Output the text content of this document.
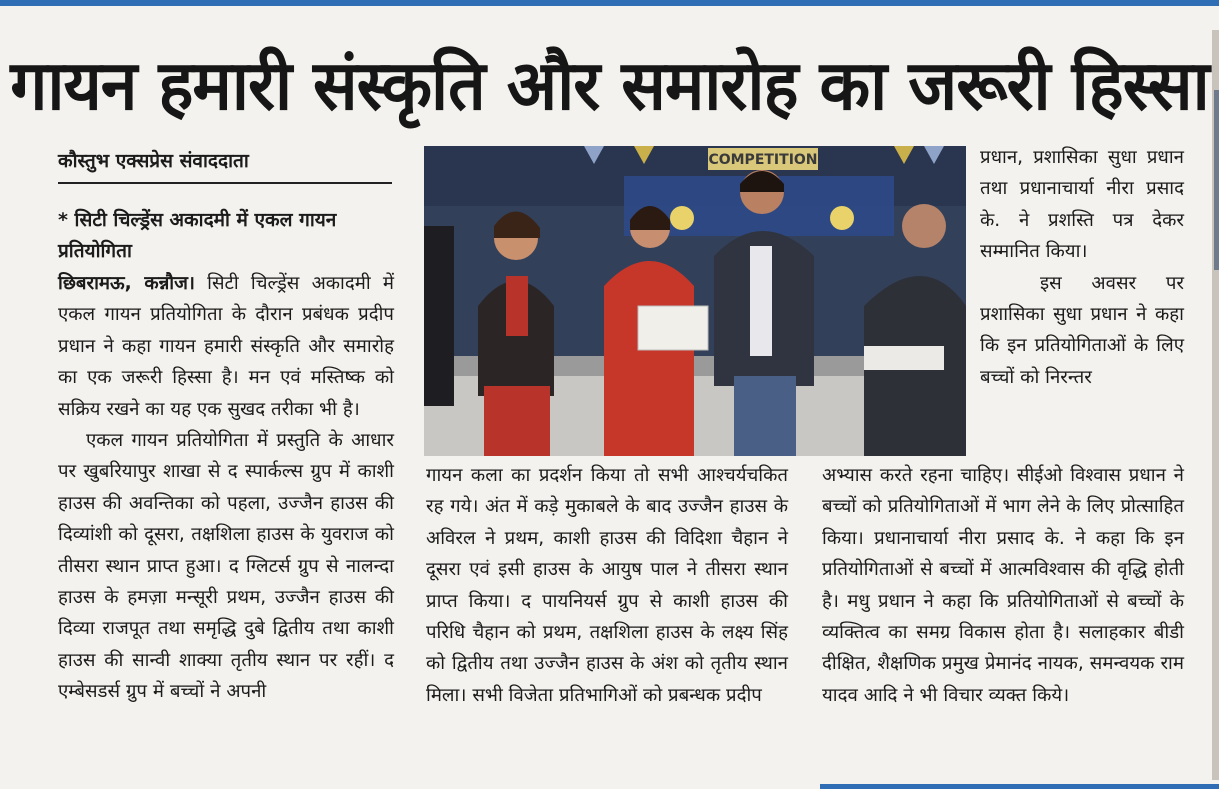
गायन हमारी संस्कृति और समारोह का जरूरी हिस्सा
कौस्तुभ एक्सप्रेस संवाददाता
* सिटी चिल्ड्रेंस अकादमी में एकल गायन प्रतियोगिता

छिबरामऊ, कन्नौज। सिटी चिल्ड्रेंस अकादमी में एकल गायन प्रतियोगिता के दौरान प्रबंधक प्रदीप प्रधान ने कहा गायन हमारी संस्कृति और समारोह का एक जरूरी हिस्सा है। मन एवं मस्तिष्क को सक्रिय रखने का यह एक सुखद तरीका भी है।

एकल गायन प्रतियोगिता में प्रस्तुति के आधार पर खुबरियापुर शाखा से द स्पार्कल्स ग्रुप में काशी हाउस की अवन्तिका को पहला, उज्जैन हाउस की दिव्यांशी को दूसरा, तक्षशिला हाउस के युवराज को तीसरा स्थान प्राप्त हुआ। द ग्लिटर्स ग्रुप से नालन्दा हाउस के हमज़ा मन्सूरी प्रथम, उज्जैन हाउस की दिव्या राजपूत तथा समृद्धि दुबे द्वितीय तथा काशी हाउस की सान्वी शाक्या तृतीय स्थान पर रहीं। द एम्बेसडर्स ग्रुप में बच्चों ने अपनी

COMPETITION

गायन कला का प्रदर्शन किया तो सभी आश्चर्यचकित रह गये। अंत में कड़े मुकाबले के बाद उज्जैन हाउस के अविरल ने प्रथम, काशी हाउस की विदिशा चैहान ने दूसरा एवं इसी हाउस के आयुष पाल ने तीसरा स्थान प्राप्त किया। द पायनियर्स ग्रुप से काशी हाउस की परिधि चैहान को प्रथम, तक्षशिला हाउस के लक्ष्य सिंह को द्वितीय तथा उज्जैन हाउस के अंश को तृतीय स्थान मिला। सभी विजेता प्रतिभागिओं को प्रबन्धक प्रदीप

प्रधान, प्रशासिका सुधा प्रधान तथा प्रधानाचार्या नीरा प्रसाद के. ने प्रशस्ति पत्र देकर सम्मानित किया।

इस अवसर पर प्रशासिका सुधा प्रधान ने कहा कि इन प्रतियोगिताओं के लिए बच्चों को निरन्तर

अभ्यास करते रहना चाहिए। सीईओ विश्वास प्रधान ने बच्चों को प्रतियोगिताओं में भाग लेने के लिए प्रोत्साहित किया। प्रधानाचार्या नीरा प्रसाद के. ने कहा कि इन प्रतियोगिताओं से बच्चों में आत्मविश्वास की वृद्धि होती है। मधु प्रधान ने कहा कि प्रतियोगिताओं से बच्चों के व्यक्तित्व का समग्र विकास होता है। सलाहकार बीडी दीक्षित, शैक्षणिक प्रमुख प्रेमानंद नायक, समन्वयक राम यादव आदि ने भी विचार व्यक्त किये।
